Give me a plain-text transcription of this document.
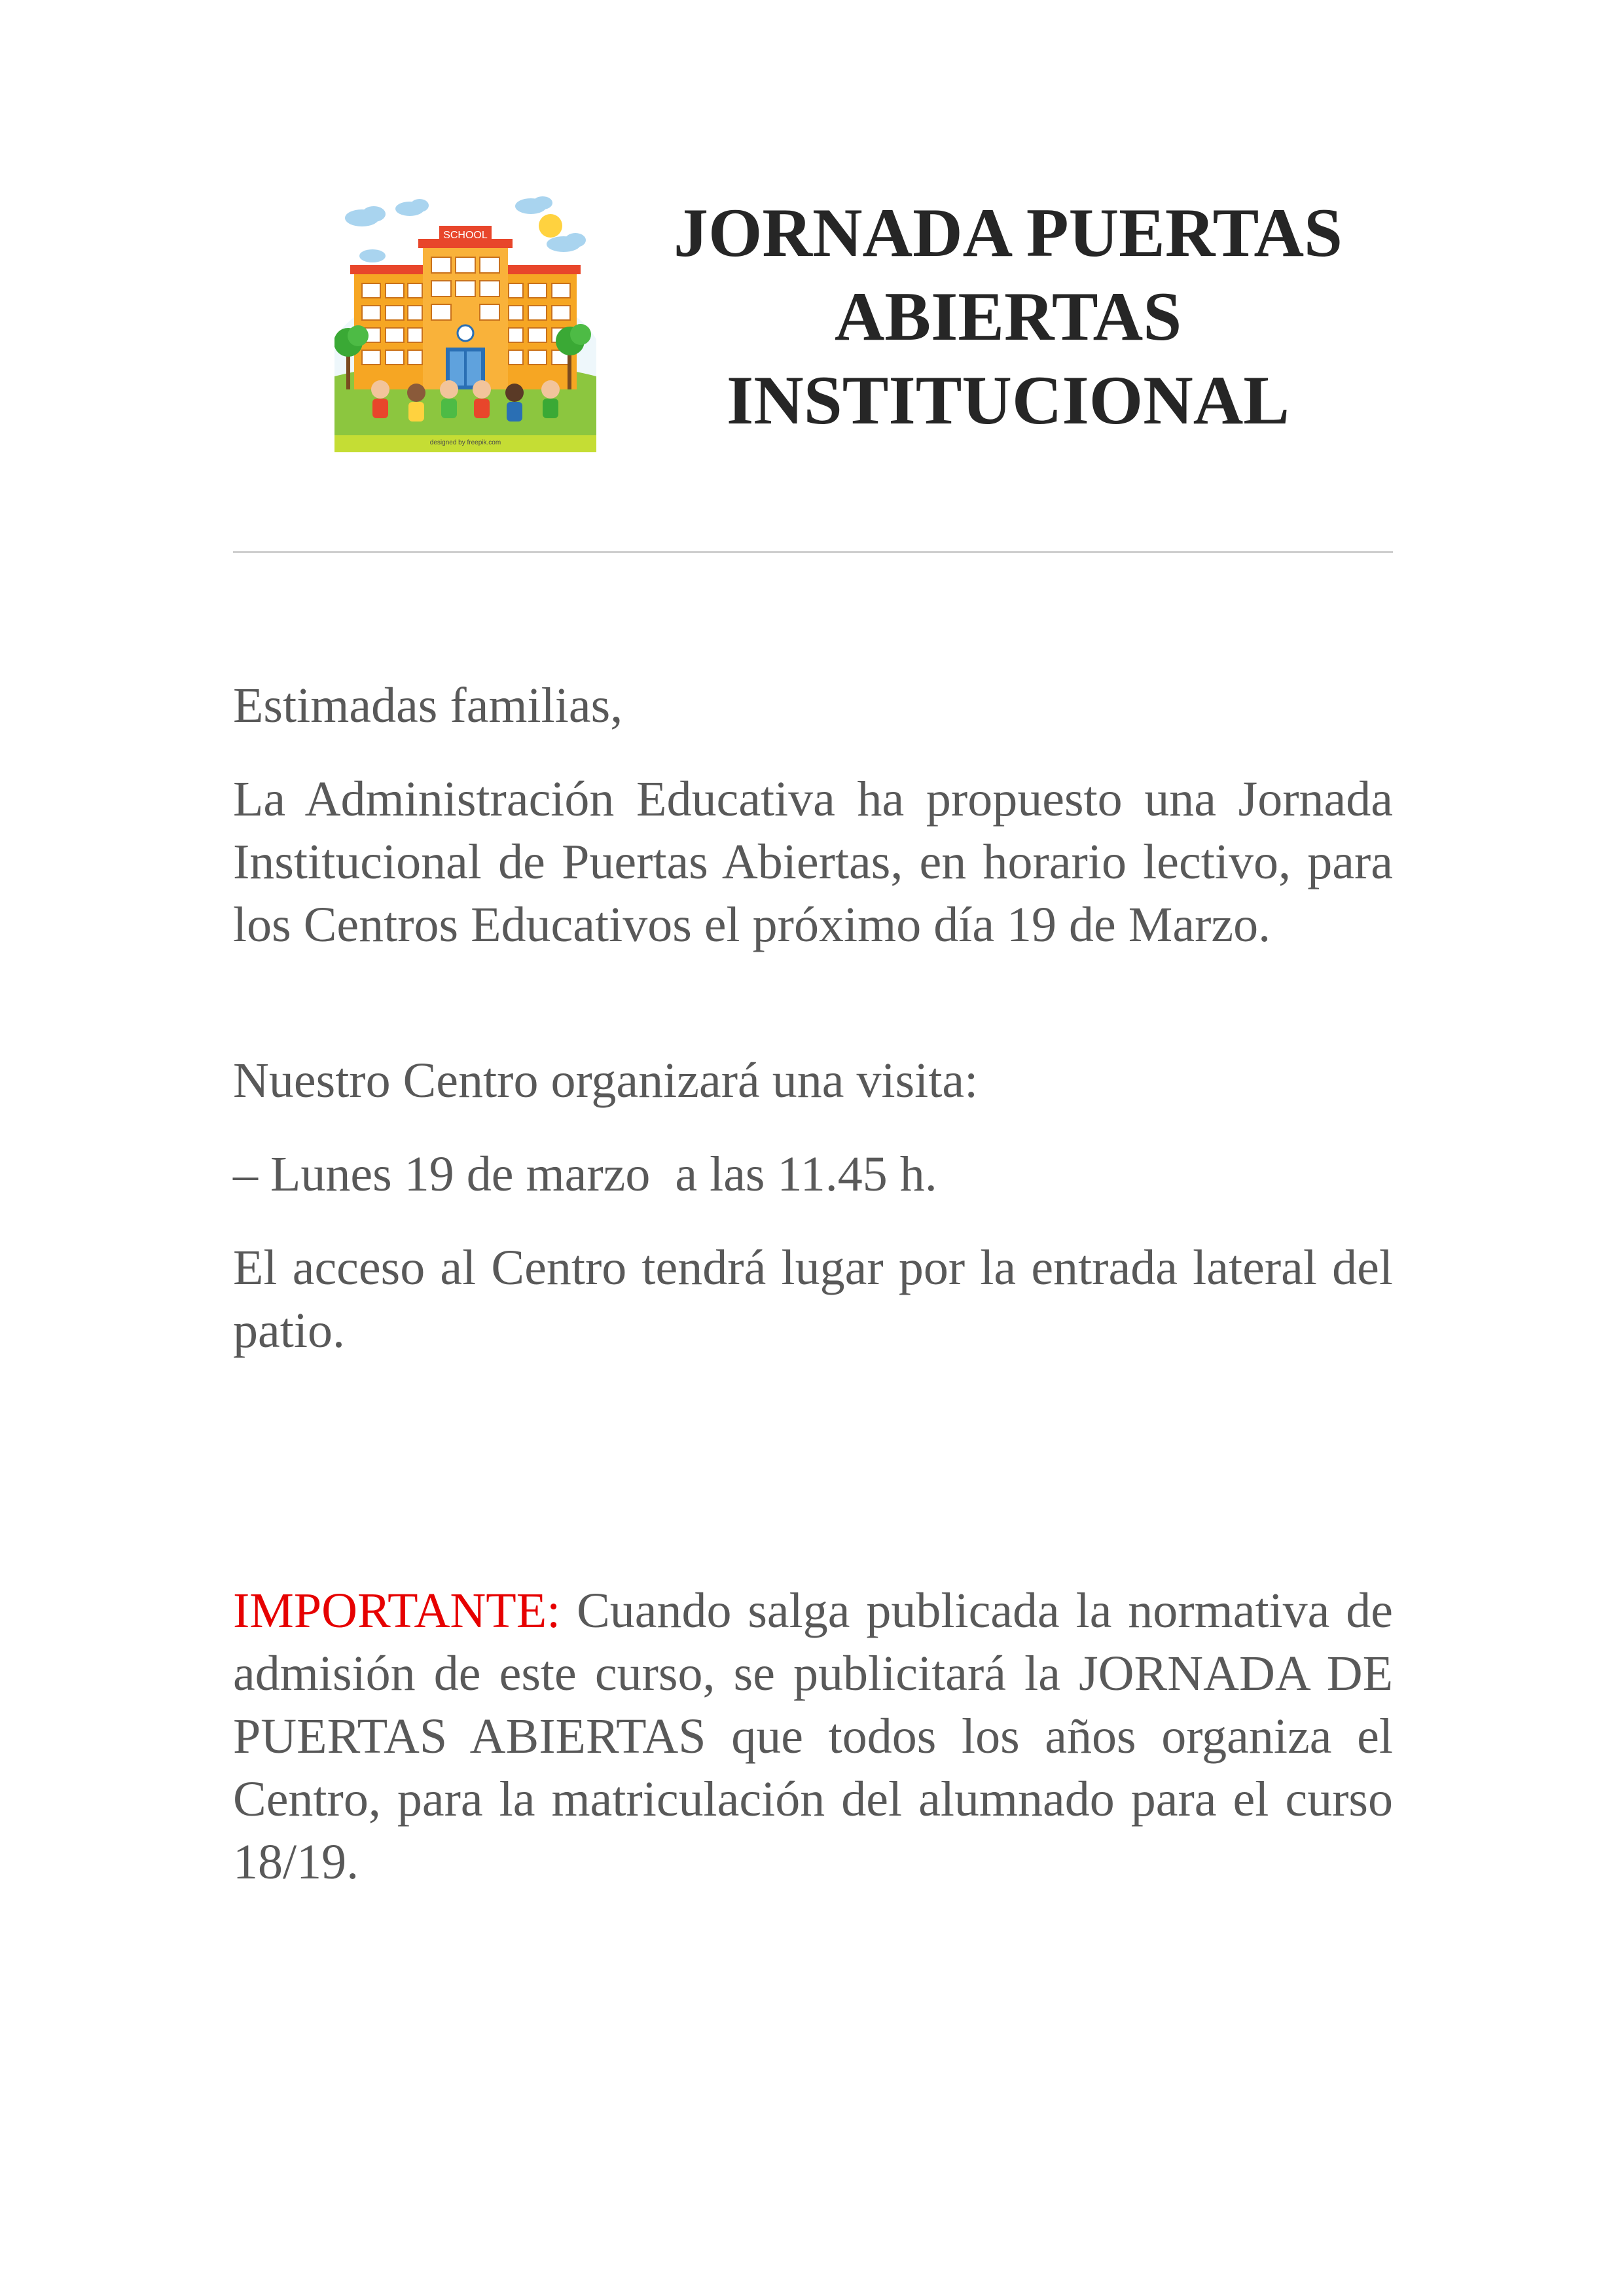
SCHOOL
designed by freepik.com
JORNADA PUERTAS
ABIERTAS
INSTITUCIONAL

Estimadas familias,

La Administración Educativa ha propuesto una Jornada Institucional de Puertas Abiertas, en horario lectivo, para los Centros Educativos el próximo día 19 de Marzo.

Nuestro Centro organizará una visita:

– Lunes 19 de marzo  a las 11.45 h.

El acceso al Centro tendrá lugar por la entrada lateral del patio.

IMPORTANTE: Cuando salga publicada la normativa de admisión de este curso, se publicitará la JORNADA DE PUERTAS ABIERTAS que todos los años organiza el Centro, para la matriculación del alumnado para el curso 18/19.
